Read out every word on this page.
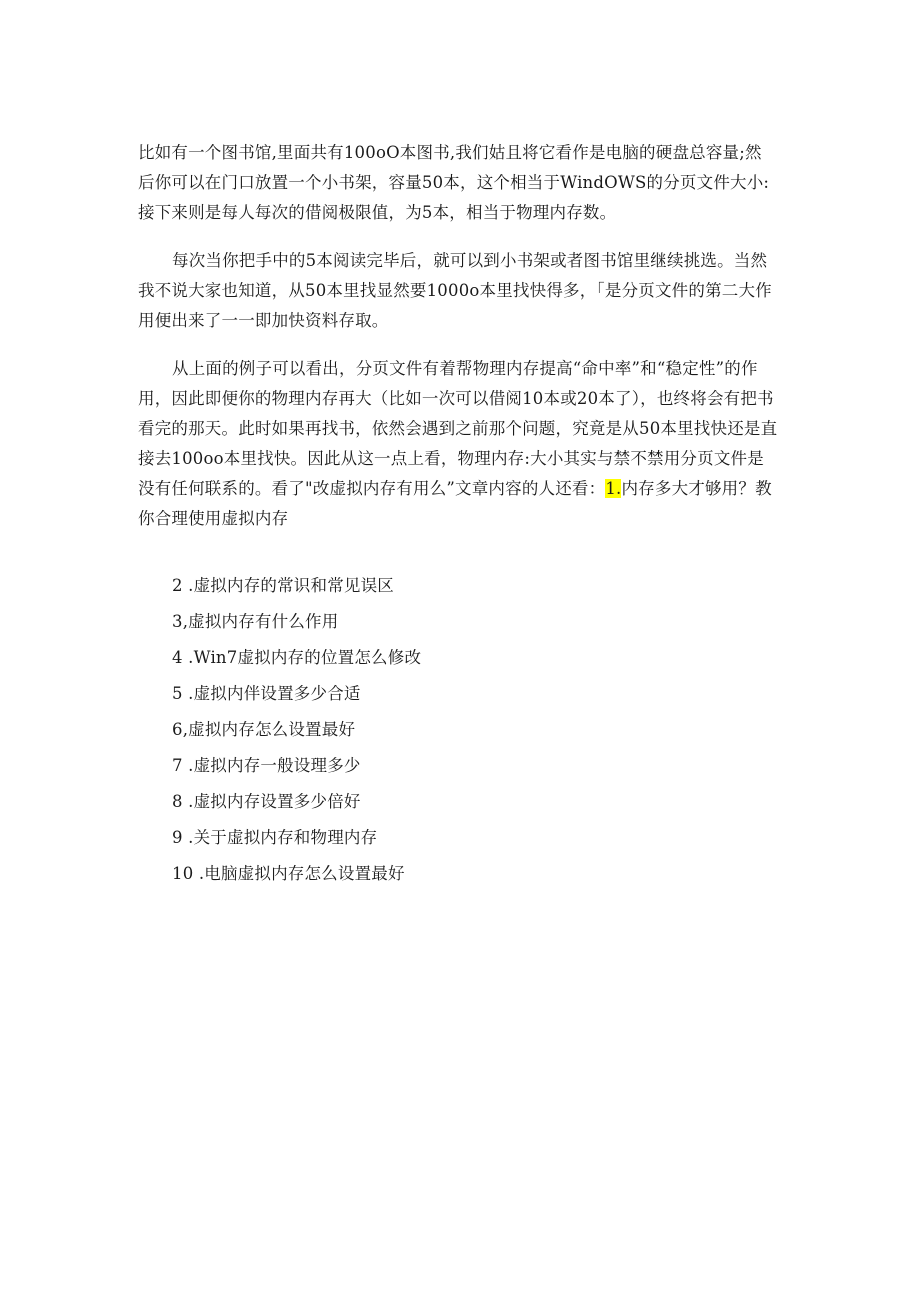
比如有一个图书馆,里面共有100oO本图书,我们姑且将它看作是电脑的硬盘总容量;然后你可以在门口放置一个小书架，容量50本，这个相当于WindOWS的分页文件大小:接下来则是每人每次的借阅极限值，为5本，相当于物理内存数。

每次当你把手中的5本阅读完毕后，就可以到小书架或者图书馆里继续挑选。当然我不说大家也知道，从50本里找显然要1000o本里找快得多，「是分页文件的第二大作用便出来了一一即加快资料存取。

从上面的例子可以看出，分页文件有着帮物理内存提高“命中率”和“稳定性”的作用，因此即便你的物理内存再大（比如一次可以借阅10本或20本了），也终将会有把书看完的那天。此时如果再找书，依然会遇到之前那个问题，究竟是从50本里找快还是直接去100oo本里找快。因此从这一点上看，物理内存:大小其实与禁不禁用分页文件是没有任何联系的。看了"改虚拟内存有用么”文章内容的人还看：1.内存多大才够用？教你合理使用虚拟内存

2 .虚拟内存的常识和常见误区
3,虚拟内存有什么作用
4 .Win7虚拟内存的位置怎么修改
5 .虚拟内伴设置多少合适
6,虚拟内存怎么设置最好
7 .虚拟内存一般设理多少
8 .虚拟内存设置多少倍好
9 .关于虚拟内存和物理内存
10 .电脑虚拟内存怎么设置最好
